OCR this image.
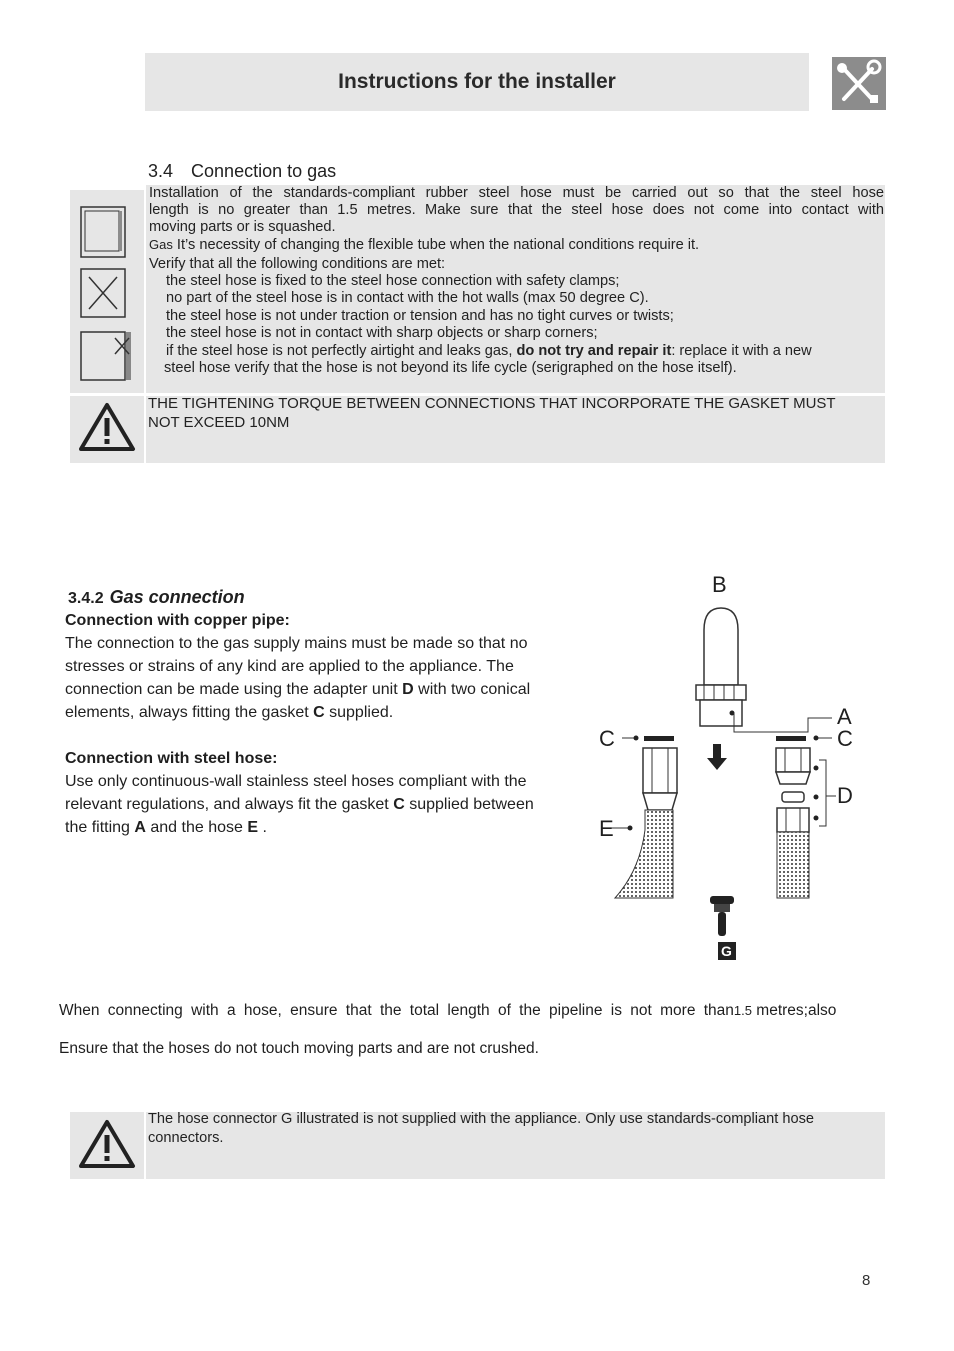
Instructions for the installer
3.4 Connection to gas
Installation of the standards-compliant rubber steel hose must be carried out so that the steel hose
length is no greater than 1.5 metres. Make sure that the steel hose does not come into contact with
moving parts or is squashed.
Gas It’s necessity of changing the flexible tube when the national conditions require it.
Verify that all the following conditions are met:
the steel hose is fixed to the steel hose connection with safety clamps;
no part of the steel hose is in contact with the hot walls (max 50 degree C).
the steel hose is not under traction or tension and has no tight curves or twists;
the steel hose is not in contact with sharp objects or sharp corners;
if the steel hose is not perfectly airtight and leaks gas, do not try and repair it: replace it with a new
steel hose verify that the hose is not beyond its life cycle (serigraphed on the hose itself).
THE TIGHTENING TORQUE BETWEEN CONNECTIONS THAT INCORPORATE THE GASKET MUST
NOT EXCEED 10NM
3.4.2 Gas connection
Connection with copper pipe:
The connection to the gas supply mains must be made so that no
stresses or strains of any kind are applied to the appliance. The
connection can be made using the adapter unit D with two conical
elements, always fitting the gasket C supplied.
Connection with steel hose:
Use only continuous-wall stainless steel hoses compliant with the
relevant regulations, and always fit the gasket C supplied between
the fitting A and the hose E .
B
A
C	C
D
E
G
When connecting with a hose, ensure that the total length of the pipeline is not more than1.5 metres;also
Ensure that the hoses do not touch moving parts and are not crushed.
The hose connector G illustrated is not supplied with the appliance. Only use standards-compliant hose
connectors.
8
